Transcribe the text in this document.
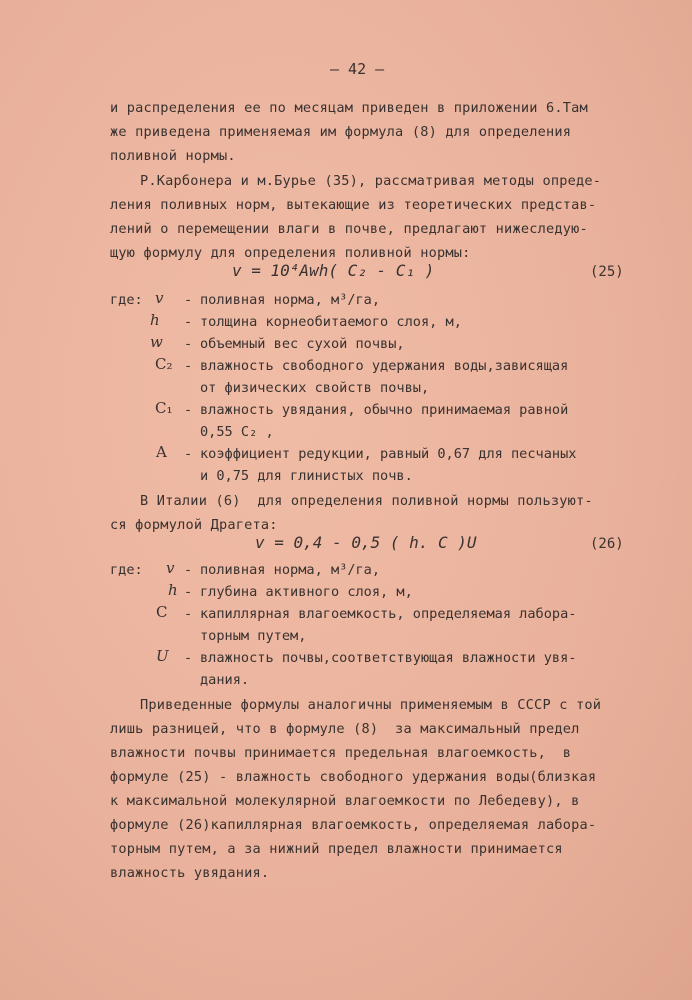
— 42 —
и распределения ее по месяцам приведен в приложении 6.Там
же приведена применяемая им формула (8) для определения
поливной нормы.
Р.Карбонера и м.Бурье (35), рассматривая методы опреде-
ления поливных норм, вытекающие из теоретических представ-
лений о перемещении влаги в почве, предлагают нижеследую-
щую формулу для определения поливной нормы:
v = 10⁴Awh( C₂ - C₁ )	(25)
где: v - поливная норма, м³/га,
h - толщина корнеобитаемого слоя, м,
w - объемный вес сухой почвы,
C₂ - влажность свободного удержания воды,зависящая
от физических свойств почвы,
C₁ - влажность увядания, обычно принимаемая равной
0,55 C₂ ,
A - коэффициент редукции, равный 0,67 для песчаных
и 0,75 для глинистых почв.
В Италии (6)  для определения поливной нормы пользуют-
ся формулой Драгета:
v = 0,4 - 0,5 ( h. C )U	(26)
где: v - поливная норма, м³/га,
h - глубина активного слоя, м,
C - капиллярная влагоемкость, определяемая лабора-
торным путем,
U - влажность почвы,соответствующая влажности увя-
дания.
Приведенные формулы аналогичны применяемым в СССР с той
лишь разницей, что в формуле (8)  за максимальный предел
влажности почвы принимается предельная влагоемкость,  в
формуле (25) - влажность свободного удержания воды(близкая
к максимальной молекулярной влагоемкости по Лебедеву), в
формуле (26)капиллярная влагоемкость, определяемая лабора-
торным путем, а за нижний предел влажности принимается
влажность увядания.
